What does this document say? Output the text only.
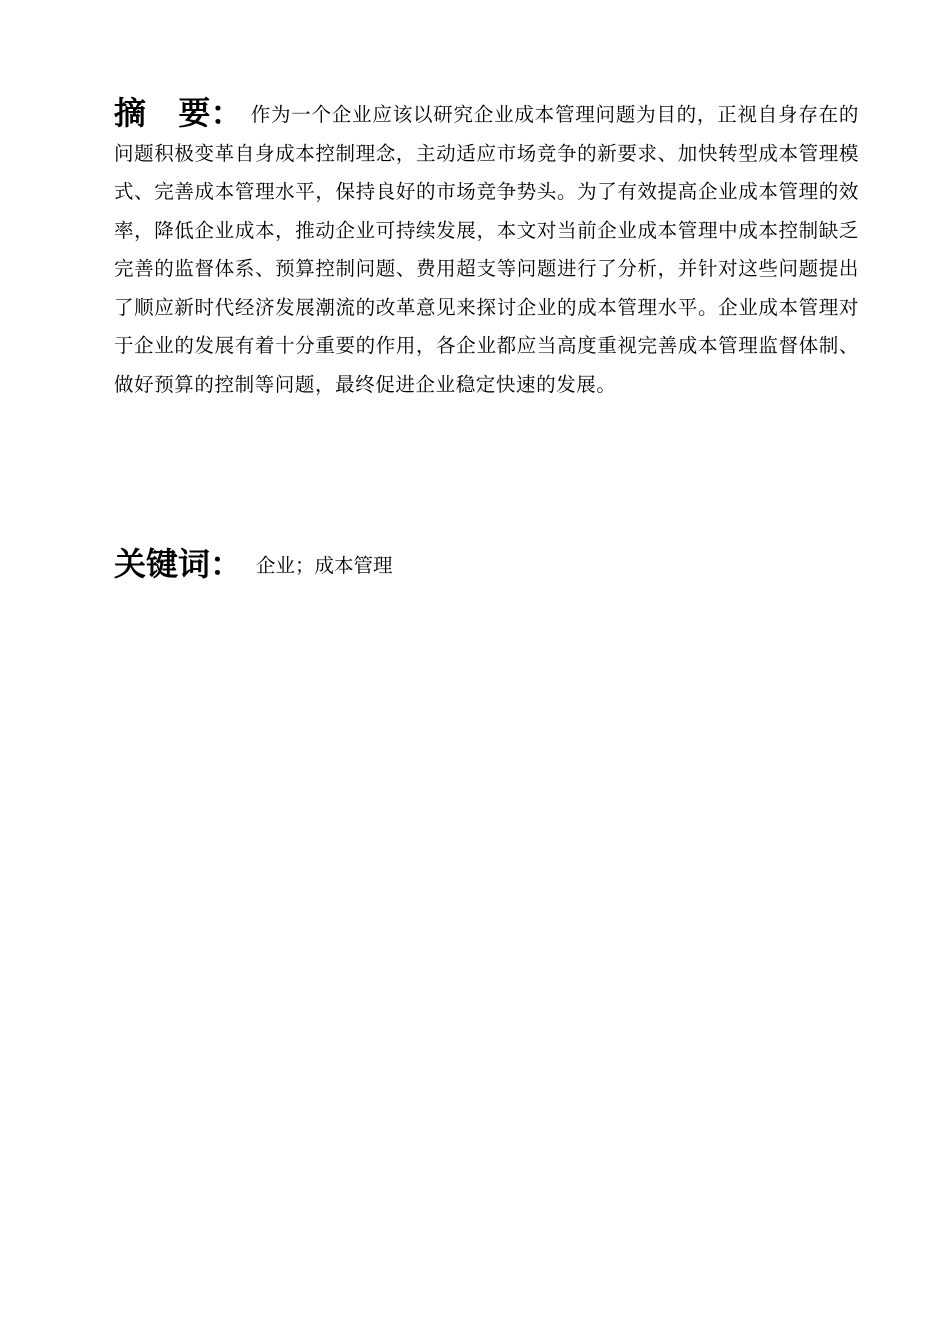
摘　要： 作为一个企业应该以研究企业成本管理问题为目的，正视自身存在的问题积极变革自身成本控制理念，主动适应市场竞争的新要求、加快转型成本管理模式、完善成本管理水平，保持良好的市场竞争势头。为了有效提高企业成本管理的效率，降低企业成本，推动企业可持续发展，本文对当前企业成本管理中成本控制缺乏完善的监督体系、预算控制问题、费用超支等问题进行了分析，并针对这些问题提出了顺应新时代经济发展潮流的改革意见来探讨企业的成本管理水平。企业成本管理对于企业的发展有着十分重要的作用，各企业都应当高度重视完善成本管理监督体制、做好预算的控制等问题，最终促进企业稳定快速的发展。
关键词： 企业；成本管理
